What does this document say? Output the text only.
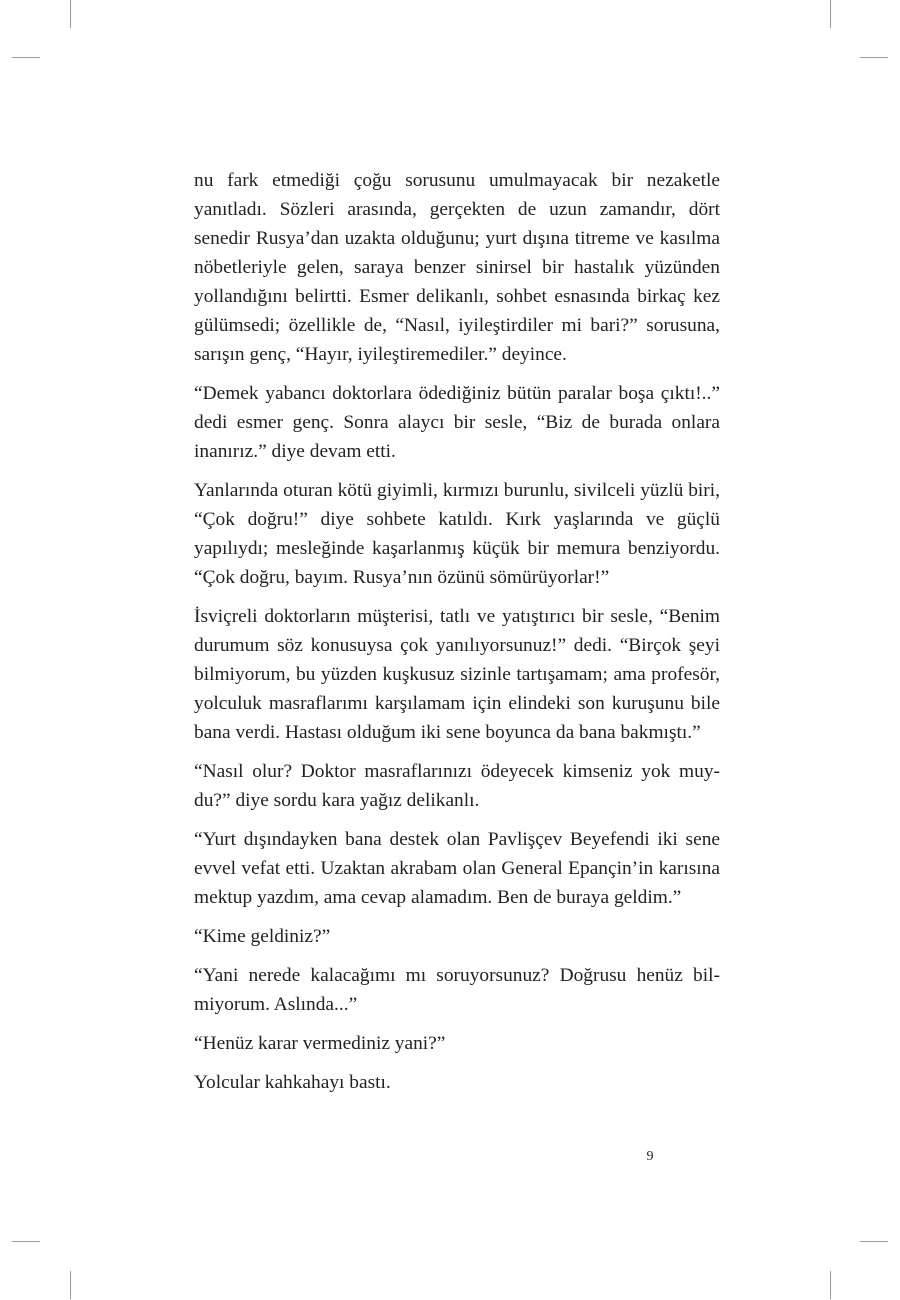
nu fark etmediği çoğu sorusunu umulmayacak bir nezaketle yanıtladı. Sözleri arasında, gerçekten de uzun zamandır, dört senedir Rusya’dan uzakta olduğunu; yurt dışına titreme ve kasılma nöbetleriyle gelen, saraya benzer sinirsel bir hastalık yüzünden yollandığını belirtti. Esmer delikanlı, sohbet esnasında birkaç kez gülümsedi; özellikle de, “Nasıl, iyileştirdiler mi bari?” sorusuna, sarışın genç, “Hayır, iyileştiremediler.” deyince.

“Demek yabancı doktorlara ödediğiniz bütün paralar boşa çıktı!..” dedi esmer genç. Sonra alaycı bir sesle, “Biz de burada onlara inanırız.” diye devam etti.

Yanlarında oturan kötü giyimli, kırmızı burunlu, sivilceli yüzlü biri, “Çok doğru!” diye sohbete katıldı. Kırk yaşlarında ve güçlü yapılıydı; mesleğinde kaşarlanmış küçük bir memura benziyordu. “Çok doğru, bayım. Rusya’nın özünü sömürüyorlar!”

İsviçreli doktorların müşterisi, tatlı ve yatıştırıcı bir sesle, “Benim durumum söz konusuysa çok yanılıyorsunuz!” dedi. “Birçok şeyi bilmiyorum, bu yüzden kuşkusuz sizinle tartışamam; ama profesör, yolculuk masraflarımı karşılamam için elindeki son kuruşunu bile bana verdi. Hastası olduğum iki sene boyunca da bana bakmıştı.”

“Nasıl olur? Doktor masraflarınızı ödeyecek kimseniz yok muydu?” diye sordu kara yağız delikanlı.

“Yurt dışındayken bana destek olan Pavlişçev Beyefendi iki sene evvel vefat etti. Uzaktan akrabam olan General Epançin’in karısına mektup yazdım, ama cevap alamadım. Ben de buraya geldim.”

“Kime geldiniz?”

“Yani nerede kalacağımı mı soruyorsunuz? Doğrusu henüz bilmiyorum. Aslında...”

“Henüz karar vermediniz yani?”

Yolcular kahkahayı bastı.

9
